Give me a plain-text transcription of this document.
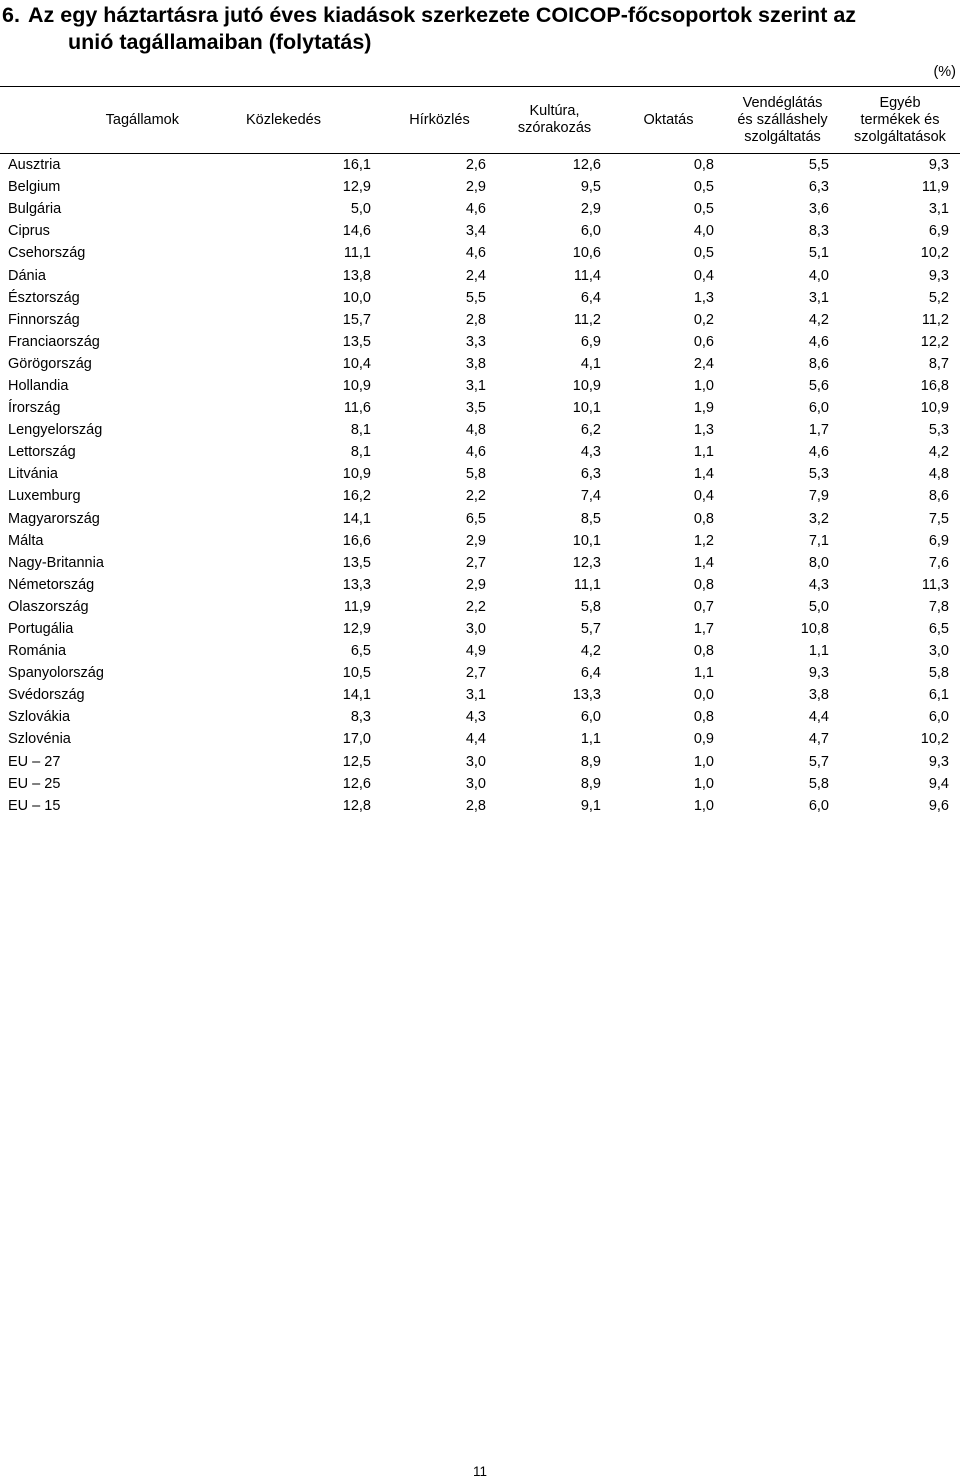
6. Az egy háztartásra jutó éves kiadások szerkezete COICOP-főcsoportok szerint az
unió tagállamaiban (folytatás)
(%)
Tagállamok	Közlekedés	Hírközlés	Kultúra,
szórakozás	Oktatás	Vendéglátás
és szálláshely
szolgáltatás	Egyéb
termékek és
szolgáltatások
Ausztria	16,1	2,6	12,6	0,8	5,5	9,3
Belgium	12,9	2,9	9,5	0,5	6,3	11,9
Bulgária	5,0	4,6	2,9	0,5	3,6	3,1
Ciprus	14,6	3,4	6,0	4,0	8,3	6,9
Csehország	11,1	4,6	10,6	0,5	5,1	10,2
Dánia	13,8	2,4	11,4	0,4	4,0	9,3
Észtország	10,0	5,5	6,4	1,3	3,1	5,2
Finnország	15,7	2,8	11,2	0,2	4,2	11,2
Franciaország	13,5	3,3	6,9	0,6	4,6	12,2
Görögország	10,4	3,8	4,1	2,4	8,6	8,7
Hollandia	10,9	3,1	10,9	1,0	5,6	16,8
Írország	11,6	3,5	10,1	1,9	6,0	10,9
Lengyelország	8,1	4,8	6,2	1,3	1,7	5,3
Lettország	8,1	4,6	4,3	1,1	4,6	4,2
Litvánia	10,9	5,8	6,3	1,4	5,3	4,8
Luxemburg	16,2	2,2	7,4	0,4	7,9	8,6
Magyarország	14,1	6,5	8,5	0,8	3,2	7,5
Málta	16,6	2,9	10,1	1,2	7,1	6,9
Nagy-Britannia	13,5	2,7	12,3	1,4	8,0	7,6
Németország	13,3	2,9	11,1	0,8	4,3	11,3
Olaszország	11,9	2,2	5,8	0,7	5,0	7,8
Portugália	12,9	3,0	5,7	1,7	10,8	6,5
Románia	6,5	4,9	4,2	0,8	1,1	3,0
Spanyolország	10,5	2,7	6,4	1,1	9,3	5,8
Svédország	14,1	3,1	13,3	0,0	3,8	6,1
Szlovákia	8,3	4,3	6,0	0,8	4,4	6,0
Szlovénia	17,0	4,4	1,1	0,9	4,7	10,2
EU – 27	12,5	3,0	8,9	1,0	5,7	9,3
EU – 25	12,6	3,0	8,9	1,0	5,8	9,4
EU – 15	12,8	2,8	9,1	1,0	6,0	9,6
11
